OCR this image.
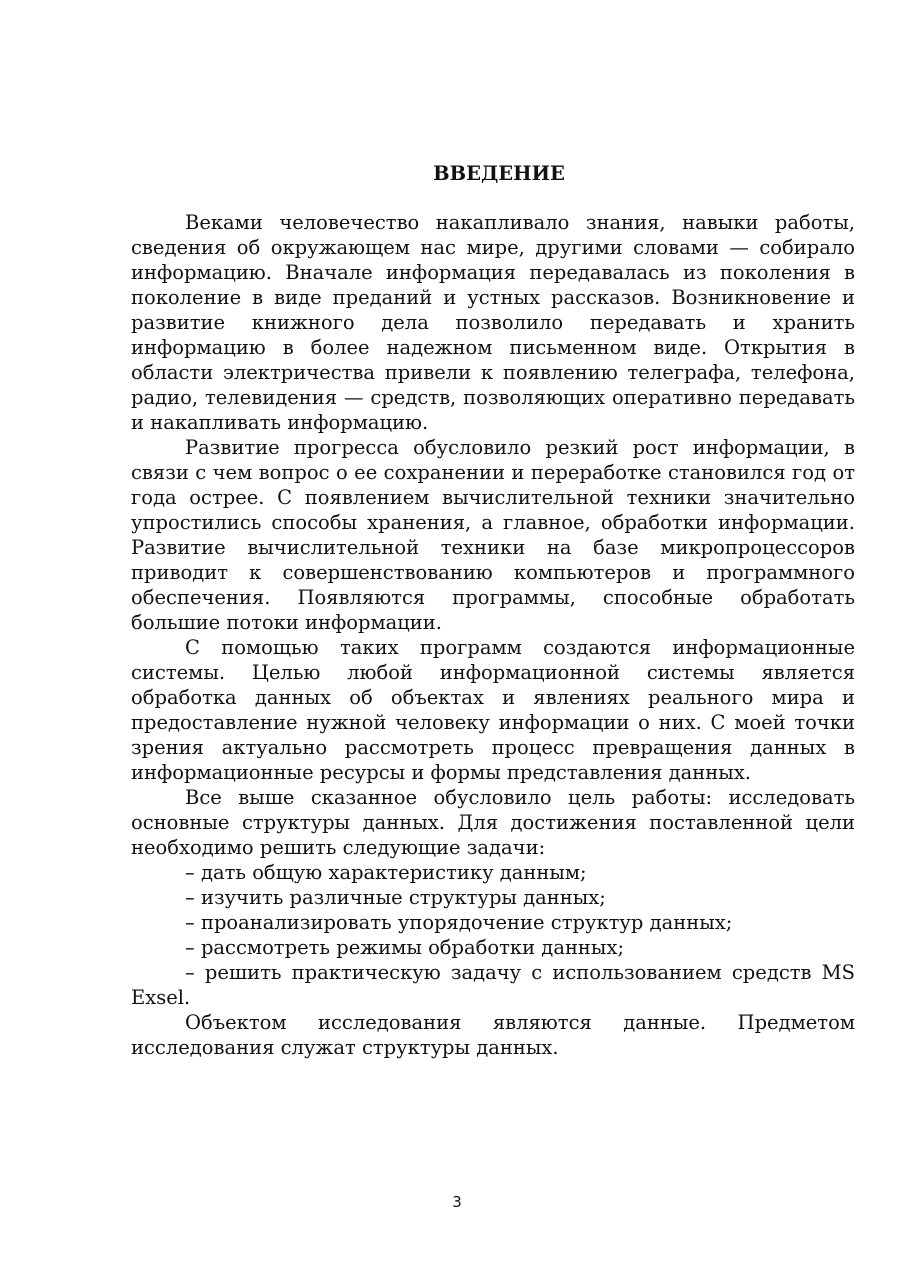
ВВЕДЕНИЕ

Веками человечество накапливало знания, навыки работы, сведения об окружающем нас мире, другими словами — собирало информацию. Вначале информация передавалась из поколения в поколение в виде преданий и устных рассказов. Возникновение и развитие книжного дела позволило передавать и хранить информацию в более надежном письменном виде. Открытия в области электричества привели к появлению телеграфа, телефона, радио, телевидения — средств, позволяющих оперативно передавать и накапливать информацию.

Развитие прогресса обусловило резкий рост информации, в связи с чем вопрос о ее сохранении и переработке становился год от года острее. С появлением вычислительной техники значительно упростились способы хранения, а главное, обработки информации. Развитие вычислительной техники на базе микропроцессоров приводит к совершенствованию компьютеров и программного обеспечения. Появляются программы, способные обработать большие потоки информации.

С помощью таких программ создаются информационные системы. Целью любой информационной системы является обработка данных об объектах и явлениях реального мира и предоставление нужной человеку информации о них. С моей точки зрения актуально рассмотреть процесс превращения данных в информационные ресурсы и формы представления данных.

Все выше сказанное обусловило цель работы: исследовать основные структуры данных. Для достижения поставленной цели необходимо решить следующие задачи:

– дать общую характеристику данным;

– изучить различные структуры данных;

– проанализировать упорядочение структур данных;

– рассмотреть режимы обработки данных;

– решить практическую задачу с использованием средств MS Exsel.

Объектом исследования являются данные. Предметом исследования служат структуры данных.

3
